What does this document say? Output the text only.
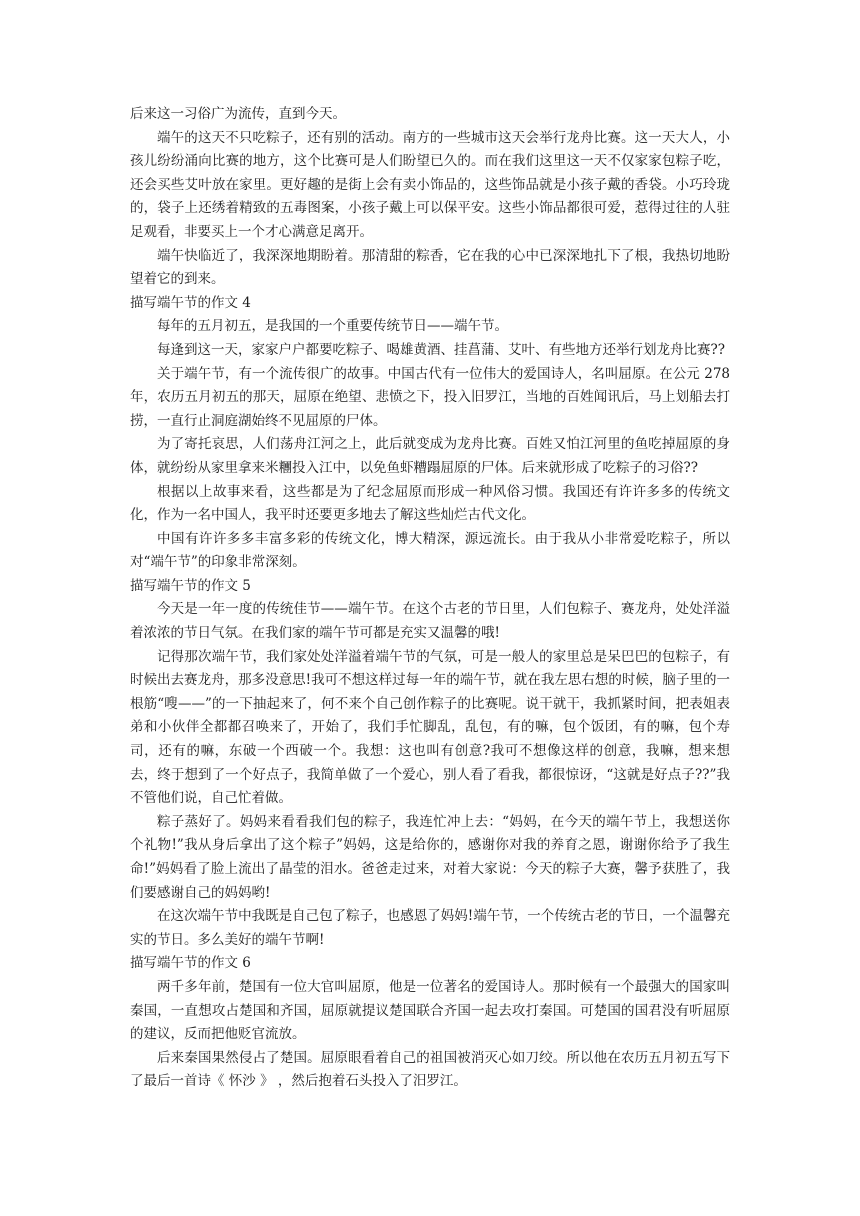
后来这一习俗广为流传，直到今天。

端午的这天不只吃粽子，还有别的活动。南方的一些城市这天会举行龙舟比赛。这一天大人，小孩儿纷纷涌向比赛的地方，这个比赛可是人们盼望已久的。而在我们这里这一天不仅家家包粽子吃，还会买些艾叶放在家里。更好趣的是街上会有卖小饰品的，这些饰品就是小孩子戴的香袋。小巧玲珑的，袋子上还绣着精致的五毒图案，小孩子戴上可以保平安。这些小饰品都很可爱，惹得过往的人驻足观看，非要买上一个才心满意足离开。

端午快临近了，我深深地期盼着。那清甜的粽香，它在我的心中已深深地扎下了根，我热切地盼望着它的到来。

描写端午节的作文 4

每年的五月初五，是我国的一个重要传统节日——端午节。

每逢到这一天，家家户户都要吃粽子、喝雄黄酒、挂菖蒲、艾叶、有些地方还举行划龙舟比赛??

关于端午节，有一个流传很广的故事。中国古代有一位伟大的爱国诗人，名叫屈原。在公元 278 年，农历五月初五的那天，屈原在绝望、悲愤之下，投入旧罗江，当地的百姓闻讯后，马上划船去打捞，一直行止洞庭湖始终不见屈原的尸体。

为了寄托哀思，人们荡舟江河之上，此后就变成为龙舟比赛。百姓又怕江河里的鱼吃掉屈原的身体，就纷纷从家里拿来米糰投入江中，以免鱼虾糟蹋屈原的尸体。后来就形成了吃粽子的习俗??

根据以上故事来看，这些都是为了纪念屈原而形成一种风俗习惯。我国还有许许多多的传统文化，作为一名中国人，我平时还要更多地去了解这些灿烂古代文化。

中国有许许多多丰富多彩的传统文化，博大精深，源远流长。由于我从小非常爱吃粽子，所以对“端午节”的印象非常深刻。

描写端午节的作文 5

今天是一年一度的传统佳节——端午节。在这个古老的节日里，人们包粽子、赛龙舟，处处洋溢着浓浓的节日气氛。在我们家的端午节可都是充实又温馨的哦!

记得那次端午节，我们家处处洋溢着端午节的气氛，可是一般人的家里总是呆巴巴的包粽子，有时候出去赛龙舟，那多没意思!我可不想这样过每一年的端午节，就在我左思右想的时候，脑子里的一根筋“嗖——”的一下抽起来了，何不来个自己创作粽子的比赛呢。说干就干，我抓紧时间，把表姐表弟和小伙伴全都都召唤来了，开始了，我们手忙脚乱，乱包，有的嘛，包个饭团，有的嘛，包个寿司，还有的嘛，东破一个西破一个。我想：这也叫有创意?我可不想像这样的创意，我嘛，想来想去，终于想到了一个好点子，我简单做了一个爱心，别人看了看我，都很惊讶，“这就是好点子??”我不管他们说，自己忙着做。

粽子蒸好了。妈妈来看看我们包的粽子，我连忙冲上去：“妈妈，在今天的端午节上，我想送你个礼物!”我从身后拿出了这个粽子”妈妈，这是给你的，感谢你对我的养育之恩，谢谢你给予了我生命!”妈妈看了脸上流出了晶莹的泪水。爸爸走过来，对着大家说：今天的粽子大赛，馨予获胜了，我们要感谢自己的妈妈哟!

在这次端午节中我既是自己包了粽子，也感恩了妈妈!端午节，一个传统古老的节日，一个温馨充实的节日。多么美好的端午节啊!

描写端午节的作文 6

两千多年前，楚国有一位大官叫屈原，他是一位著名的爱国诗人。那时候有一个最强大的国家叫秦国，一直想攻占楚国和齐国，屈原就提议楚国联合齐国一起去攻打秦国。可楚国的国君没有听屈原的建议，反而把他贬官流放。

后来秦国果然侵占了楚国。屈原眼看着自己的祖国被消灭心如刀绞。所以他在农历五月初五写下了最后一首诗《 怀沙 》 ，然后抱着石头投入了汨罗江。
